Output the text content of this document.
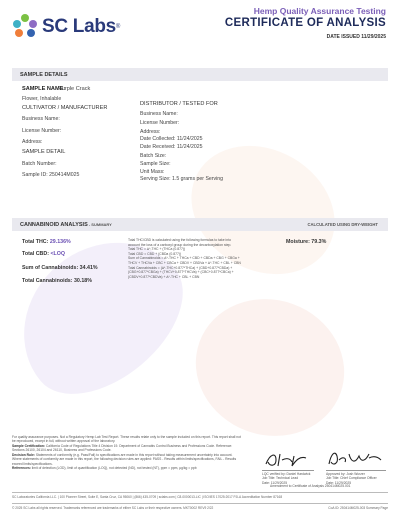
SC Labs ®
Hemp Quality Assurance Testing
CERTIFICATE OF ANALYSIS
DATE ISSUED 11/29/2025
SAMPLE DETAILS
SAMPLE NAME:
Purple Crack
Flower, Inhalable
CULTIVATOR / MANUFACTURER
Business Name:
License Number:
Address:
SAMPLE DETAIL
Batch Number:
Sample ID: 250414M025
DISTRIBUTOR / TESTED FOR
Business Name:
License Number:
Address:
Date Collected: 11/24/2025
Date Received: 11/24/2025
Batch Size:
Sample Size:
Unit Mass:
Serving Size: 1.5 grams per Serving
CANNABINOID ANALYSIS - SUMMARY	CALCULATED USING DRY-WEIGHT
Total THC: 29.136%
Total CBD: <LOQ
Sum of Cannabinoids: 34.41%
Total Cannabinoids: 30.18%
Total THC/CBD is calculated using the following formulas to take into
account the loss of a carboxyl group during the decarboxylation step.
Total THC = ∆⁹-THC + (THCa (0.877))
Total CBD = CBD + (CBDa (0.877))
Sum of Cannabinoids = ∆⁹-THC + THCa + CBD + CBDa + CBG + CBGa +
THCV + THCVa + CBC + CBCa + CBDV + CBDVa + ∆⁸-THC + CBL + CBN
Total Cannabinoids = (∆⁹-THC+0.877*THCa) + (CBD+0.877*CBDa) +
(CBG+0.877*CBGa) + (THCV+0.877*THCVa) + (CBC+0.877*CBCa) +
(CBDV+0.877*CBDVa) + ∆⁸-THC + CBL + CBN
Moisture: 79.3%
For quality assurance purposes. Not a Regulatory Hemp Lab Test Report. These results relate only to the sample included on this report. This report shall not be reproduced, except in full, without written approval of the laboratory.
Sample Certification: California Code of Regulations Title 4 Division 19. Department of Cannabis Control Business and Professions Code. Reference: Sections 26100, 26104 and 26110, Business and Professions Code.
Decision Rule: Statements of conformity (e.g. Pass/Fail) to specifications are made in this report without taking measurement uncertainty into account. Where statements of conformity are made in this report, the following decision rules are applied: PASS - Results within limits/specifications, FAIL - Results exceed limits/specifications.
References: limit of detection (LOD), limit of quantification (LOQ), not detected (ND), not tested (NT), ppm = ppm, μg/kg = ppb
LQC verified by: Daniel Hardwick
Job Title: Technical Lead
Date: 11/29/2025
Approved by: Josh Wurzer
Job Title: Chief Compliance Officer
Date: 11/29/2025
Amendment to Certificate of Analysis 250414M025.001
SC Laboratories California LLC. | 100 Pioneer Street, Suite E, Santa Cruz, CA 95060 | (866) 435-0709 | sclabs.com | C8-0000013-LIC | ISO/IES 17025:2017 PJLA Accreditation Number 87168
© 2025 SC Labs all rights reserved. Trademarks referenced are trademarks of either SC Labs or their respective owners. MKT0002 REV9 2/22	CoA ID: 250414M025-003 Summary Page
